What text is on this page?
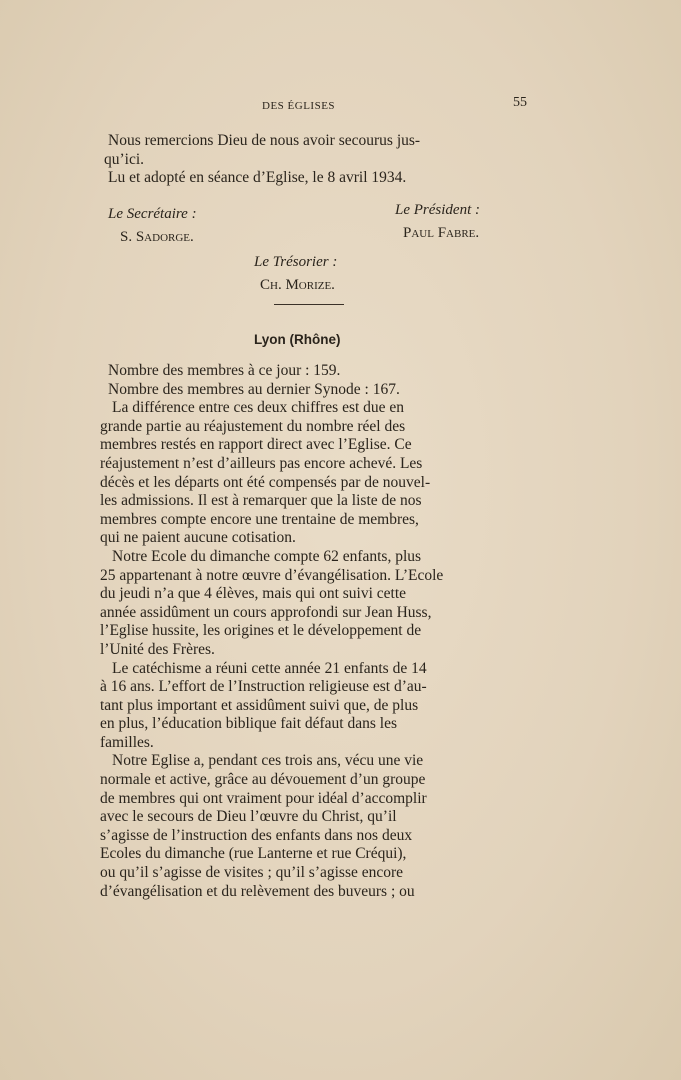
DES ÉGLISES	55

Nous remercions Dieu de nous avoir secourus jus-

qu’ici.

Lu et adopté en séance d’Eglise, le 8 avril 1934.

Le Secrétaire :
S. Sadorge.
Le Président :
Paul Fabre.
Le Trésorier :
Ch. Morize.
Lyon (Rhône)

Nombre des membres à ce jour : 159.

Nombre des membres au dernier Synode : 167.

La différence entre ces deux chiffres est due en

grande partie au réajustement du nombre réel des

membres restés en rapport direct avec l’Eglise. Ce

réajustement n’est d’ailleurs pas encore achevé. Les

décès et les départs ont été compensés par de nouvel-

les admissions. Il est à remarquer que la liste de nos

membres compte encore une trentaine de membres,

qui ne paient aucune cotisation.

Notre Ecole du dimanche compte 62 enfants, plus

25 appartenant à notre œuvre d’évangélisation. L’Ecole

du jeudi n’a que 4 élèves, mais qui ont suivi cette

année assidûment un cours approfondi sur Jean Huss,

l’Eglise hussite, les origines et le développement de

l’Unité des Frères.

Le catéchisme a réuni cette année 21 enfants de 14

à 16 ans. L’effort de l’Instruction religieuse est d’au-

tant plus important et assidûment suivi que, de plus

en plus, l’éducation biblique fait défaut dans les

familles.

Notre Eglise a, pendant ces trois ans, vécu une vie

normale et active, grâce au dévouement d’un groupe

de membres qui ont vraiment pour idéal d’accomplir

avec le secours de Dieu l’œuvre du Christ, qu’il

s’agisse de l’instruction des enfants dans nos deux

Ecoles du dimanche (rue Lanterne et rue Créqui),

ou qu’il s’agisse de visites ; qu’il s’agisse encore

d’évangélisation et du relèvement des buveurs ; ou
